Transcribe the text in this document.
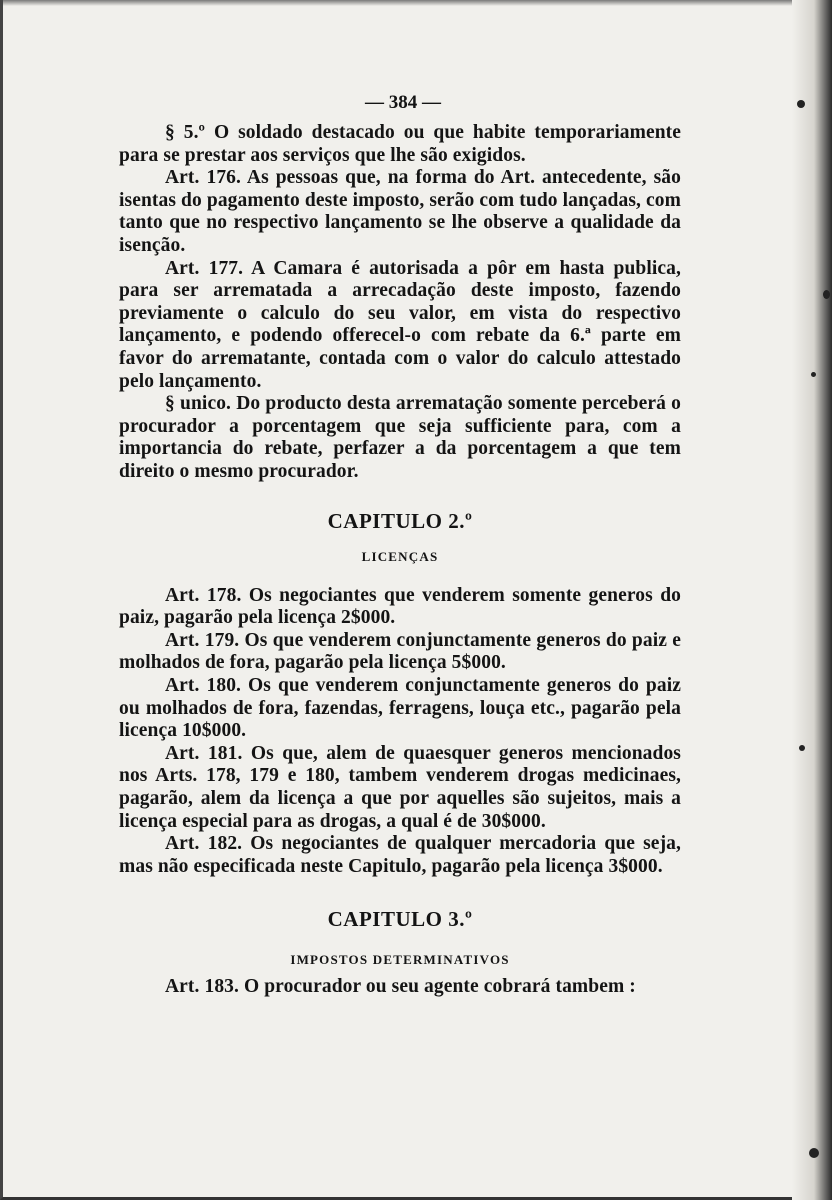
— 384 —

§ 5.º O soldado destacado ou que habite temporariamente para se prestar aos serviços que lhe são exigidos.

Art. 176. As pessoas que, na forma do Art. antecedente, são isentas do pagamento deste imposto, serão com tudo lançadas, com tanto que no respectivo lançamento se lhe observe a qualidade da isenção.

Art. 177. A Camara é autorisada a pôr em hasta publica, para ser arrematada a arrecadação deste imposto, fazendo previamente o calculo do seu valor, em vista do respectivo lançamento, e podendo offerecel-o com rebate da 6.ª parte em favor do arrematante, contada com o valor do calculo attestado pelo lançamento.

§ unico. Do producto desta arrematação somente perceberá o procurador a porcentagem que seja sufficiente para, com a importancia do rebate, perfazer a da porcentagem a que tem direito o mesmo procurador.

CAPITULO 2.º
LICENÇAS

Art. 178. Os negociantes que venderem somente generos do paiz, pagarão pela licença 2$000.

Art. 179. Os que venderem conjunctamente generos do paiz e molhados de fora, pagarão pela licença 5$000.

Art. 180. Os que venderem conjunctamente generos do paiz ou molhados de fora, fazendas, ferragens, louça etc., pagarão pela licença 10$000.

Art. 181. Os que, alem de quaesquer generos mencionados nos Arts. 178, 179 e 180, tambem venderem drogas medicinaes, pagarão, alem da licença a que por aquelles são sujeitos, mais a licença especial para as drogas, a qual é de 30$000.

Art. 182. Os negociantes de qualquer mercadoria que seja, mas não especificada neste Capitulo, pagarão pela licença 3$000.

CAPITULO 3.º
IMPOSTOS DETERMINATIVOS

Art. 183. O procurador ou seu agente cobrará tambem :
